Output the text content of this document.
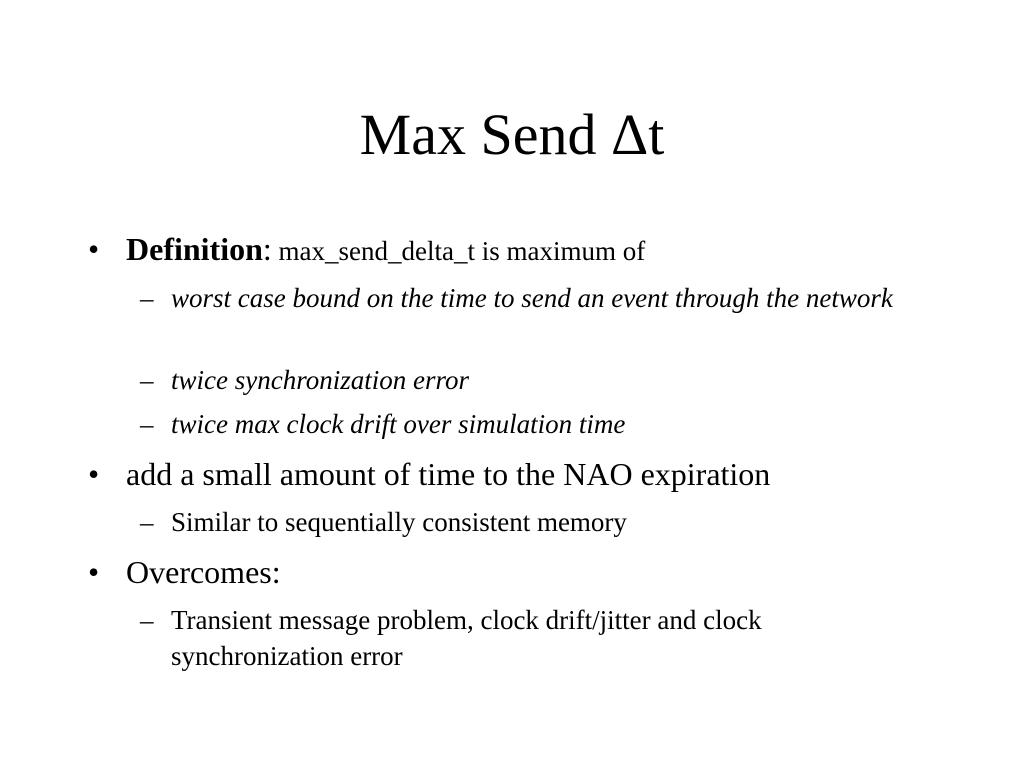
Max Send Δt
• Definition: max_send_delta_t is maximum of
– worst case bound on the time to send an event through the network
– twice synchronization error
– twice max clock drift over simulation time
• add a small amount of time to the NAO expiration
– Similar to sequentially consistent memory
• Overcomes:
– Transient message problem, clock drift/jitter and clock synchronization error
